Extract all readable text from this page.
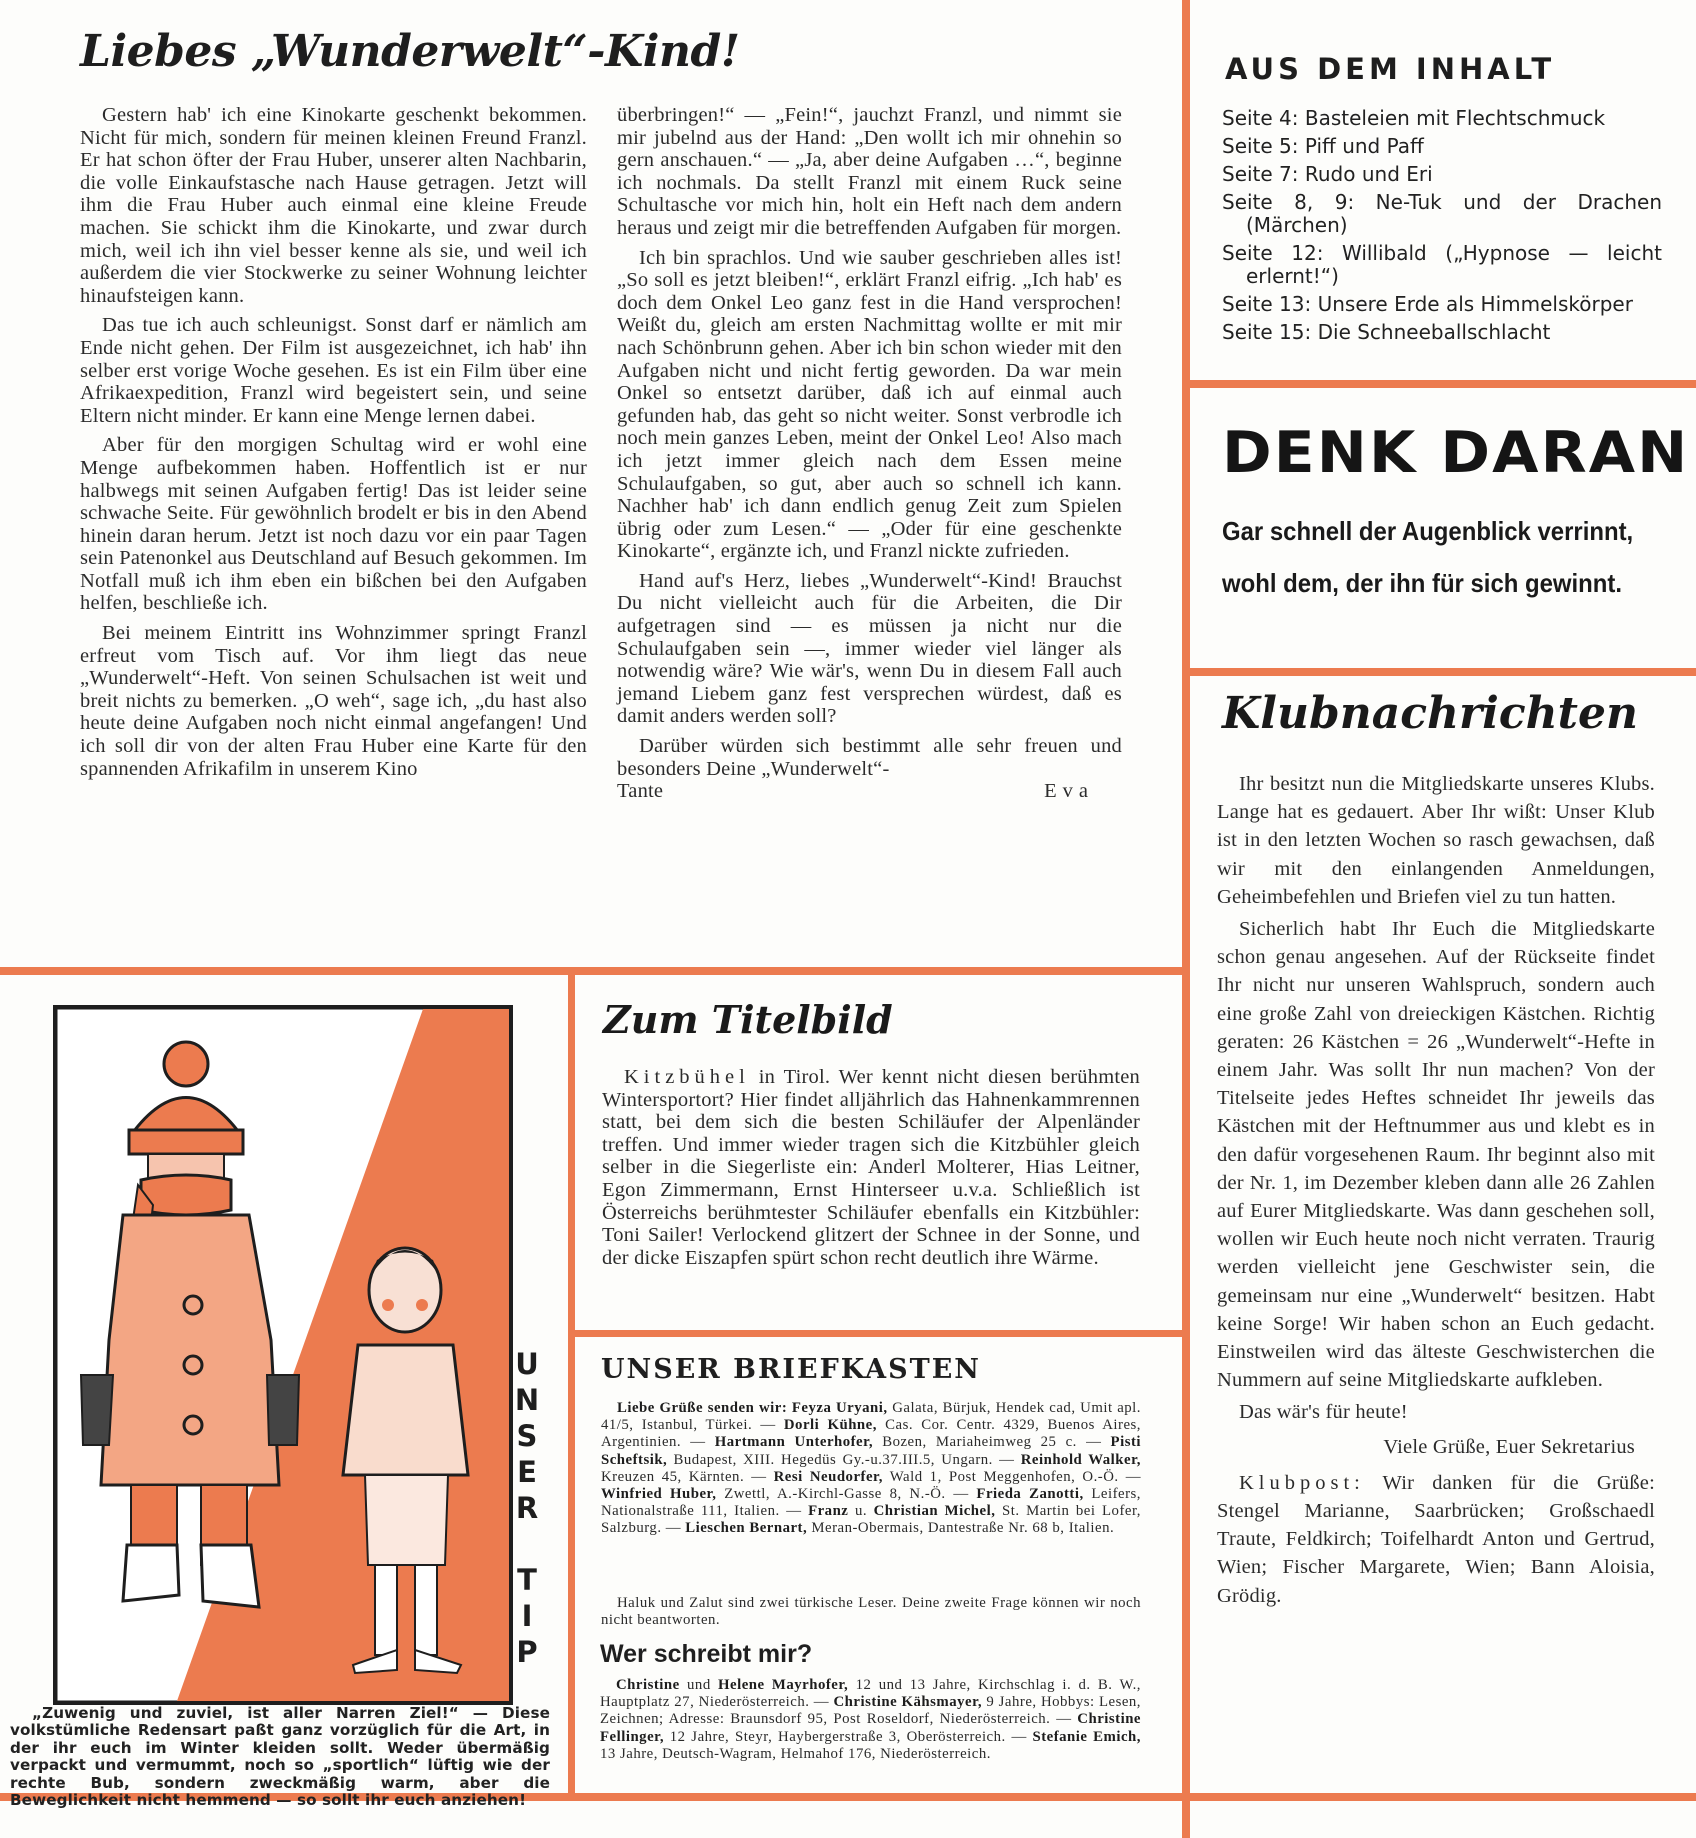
Liebes „Wunderwelt“-Kind!

Gestern hab' ich eine Kinokarte geschenkt bekommen. Nicht für mich, sondern für meinen kleinen Freund Franzl. Er hat schon öfter der Frau Huber, unserer alten Nachbarin, die volle Einkaufstasche nach Hause getragen. Jetzt will ihm die Frau Huber auch einmal eine kleine Freude machen. Sie schickt ihm die Kinokarte, und zwar durch mich, weil ich ihn viel besser kenne als sie, und weil ich außerdem die vier Stockwerke zu seiner Wohnung leichter hinaufsteigen kann.

Das tue ich auch schleunigst. Sonst darf er nämlich am Ende nicht gehen. Der Film ist ausgezeichnet, ich hab' ihn selber erst vorige Woche gesehen. Es ist ein Film über eine Afrikaexpedition, Franzl wird begeistert sein, und seine Eltern nicht minder. Er kann eine Menge lernen dabei.

Aber für den morgigen Schultag wird er wohl eine Menge aufbekommen haben. Hoffentlich ist er nur halbwegs mit seinen Aufgaben fertig! Das ist leider seine schwache Seite. Für gewöhnlich brodelt er bis in den Abend hinein daran herum. Jetzt ist noch dazu vor ein paar Tagen sein Patenonkel aus Deutschland auf Besuch gekommen. Im Notfall muß ich ihm eben ein bißchen bei den Aufgaben helfen, beschließe ich.

Bei meinem Eintritt ins Wohnzimmer springt Franzl erfreut vom Tisch auf. Vor ihm liegt das neue „Wunderwelt“-Heft. Von seinen Schulsachen ist weit und breit nichts zu bemerken. „O weh“, sage ich, „du hast also heute deine Aufgaben noch nicht einmal angefangen! Und ich soll dir von der alten Frau Huber eine Karte für den spannenden Afrikafilm in unserem Kino

überbringen!“ — „Fein!“, jauchzt Franzl, und nimmt sie mir jubelnd aus der Hand: „Den wollt ich mir ohnehin so gern anschauen.“ — „Ja, aber deine Aufgaben …“, beginne ich nochmals. Da stellt Franzl mit einem Ruck seine Schultasche vor mich hin, holt ein Heft nach dem andern heraus und zeigt mir die betreffenden Aufgaben für morgen.

Ich bin sprachlos. Und wie sauber geschrieben alles ist! „So soll es jetzt bleiben!“, erklärt Franzl eifrig. „Ich hab' es doch dem Onkel Leo ganz fest in die Hand versprochen! Weißt du, gleich am ersten Nachmittag wollte er mit mir nach Schönbrunn gehen. Aber ich bin schon wieder mit den Aufgaben nicht und nicht fertig geworden. Da war mein Onkel so entsetzt darüber, daß ich auf einmal auch gefunden hab, das geht so nicht weiter. Sonst verbrodle ich noch mein ganzes Leben, meint der Onkel Leo! Also mach ich jetzt immer gleich nach dem Essen meine Schulaufgaben, so gut, aber auch so schnell ich kann. Nachher hab' ich dann endlich genug Zeit zum Spielen übrig oder zum Lesen.“ — „Oder für eine geschenkte Kinokarte“, ergänzte ich, und Franzl nickte zufrieden.

Hand auf's Herz, liebes „Wunderwelt“-Kind! Brauchst Du nicht vielleicht auch für die Arbeiten, die Dir aufgetragen sind — es müssen ja nicht nur die Schulaufgaben sein —, immer wieder viel länger als notwendig wäre? Wie wär's, wenn Du in diesem Fall auch jemand Liebem ganz fest versprechen würdest, daß es damit anders werden soll?

Darüber würden sich bestimmt alle sehr freuen und besonders Deine „Wunderwelt“-

Tante	Eva
AUS DEM INHALT
Seite 4: Basteleien mit Flechtschmuck
Seite 5: Piff und Paff
Seite 7: Rudo und Eri
Seite 8, 9: Ne-Tuk und der Drachen (Märchen)
Seite 12: Willibald („Hypnose — leicht erlernt!“)
Seite 13: Unsere Erde als Himmelskörper
Seite 15: Die Schneeballschlacht
DENK DARAN
Gar schnell der Augenblick verrinnt,
wohl dem, der ihn für sich gewinnt.
Klubnachrichten

Ihr besitzt nun die Mitgliedskarte unseres Klubs. Lange hat es gedauert. Aber Ihr wißt: Unser Klub ist in den letzten Wochen so rasch gewachsen, daß wir mit den einlangenden Anmeldungen, Geheimbefehlen und Briefen viel zu tun hatten.

Sicherlich habt Ihr Euch die Mitgliedskarte schon genau angesehen. Auf der Rückseite findet Ihr nicht nur unseren Wahlspruch, sondern auch eine große Zahl von dreieckigen Kästchen. Richtig geraten: 26 Kästchen = 26 „Wunderwelt“-Hefte in einem Jahr. Was sollt Ihr nun machen? Von der Titelseite jedes Heftes schneidet Ihr jeweils das Kästchen mit der Heftnummer aus und klebt es in den dafür vorgesehenen Raum. Ihr beginnt also mit der Nr. 1, im Dezember kleben dann alle 26 Zahlen auf Eurer Mitgliedskarte. Was dann geschehen soll, wollen wir Euch heute noch nicht verraten. Traurig werden vielleicht jene Geschwister sein, die gemeinsam nur eine „Wunderwelt“ besitzen. Habt keine Sorge! Wir haben schon an Euch gedacht. Einstweilen wird das älteste Geschwisterchen die Nummern auf seine Mitgliedskarte aufkleben.

Das wär's für heute!

Viele Grüße, Euer Sekretarius

Klubpost: Wir danken für die Grüße: Stengel Marianne, Saarbrücken; Großschaedl Traute, Feldkirch; Toifelhardt Anton und Gertrud, Wien; Fischer Margarete, Wien; Bann Aloisia, Grödig.

U
N
S
E
R
T
I
P

„Zuwenig und zuviel, ist aller Narren Ziel!“ — Diese volkstümliche Redensart paßt ganz vorzüglich für die Art, in der ihr euch im Winter kleiden sollt. Weder übermäßig verpackt und vermummt, noch so „sportlich“ lüftig wie der rechte Bub, sondern zweckmäßig warm, aber die Beweglichkeit nicht hemmend — so sollt ihr euch anziehen!

Zum Titelbild

Kitzbühel in Tirol. Wer kennt nicht diesen berühmten Wintersportort? Hier findet alljährlich das Hahnenkammrennen statt, bei dem sich die besten Schiläufer der Alpenländer treffen. Und immer wieder tragen sich die Kitzbühler gleich selber in die Siegerliste ein: Anderl Molterer, Hias Leitner, Egon Zimmermann, Ernst Hinterseer u.v.a. Schließlich ist Österreichs berühmtester Schiläufer ebenfalls ein Kitzbühler: Toni Sailer! Verlockend glitzert der Schnee in der Sonne, und der dicke Eiszapfen spürt schon recht deutlich ihre Wärme.

UNSER BRIEFKASTEN

Liebe Grüße senden wir: Feyza Uryani, Galata, Bürjuk, Hendek cad, Umit apl. 41/5, Istanbul, Türkei. — Dorli Kühne, Cas. Cor. Centr. 4329, Buenos Aires, Argentinien. — Hartmann Unterhofer, Bozen, Mariaheimweg 25 c. — Pisti Scheftsik, Budapest, XIII. Hegedüs Gy.-u.37.III.5, Ungarn. — Reinhold Walker, Kreuzen 45, Kärnten. — Resi Neudorfer, Wald 1, Post Meggenhofen, O.-Ö. — Winfried Huber, Zwettl, A.-Kirchl-Gasse 8, N.-Ö. — Frieda Zanotti, Leifers, Nationalstraße 111, Italien. — Franz u. Christian Michel, St. Martin bei Lofer, Salzburg. — Lieschen Bernart, Meran-Obermais, Dantestraße Nr. 68 b, Italien.

Haluk und Zalut sind zwei türkische Leser. Deine zweite Frage können wir noch nicht beantworten.

Wer schreibt mir?

Christine und Helene Mayrhofer, 12 und 13 Jahre, Kirchschlag i. d. B. W., Hauptplatz 27, Niederösterreich. — Christine Kähsmayer, 9 Jahre, Hobbys: Lesen, Zeichnen; Adresse: Braunsdorf 95, Post Roseldorf, Niederösterreich. — Christine Fellinger, 12 Jahre, Steyr, Haybergerstraße 3, Oberösterreich. — Stefanie Emich, 13 Jahre, Deutsch-Wagram, Helmahof 176, Niederösterreich.
